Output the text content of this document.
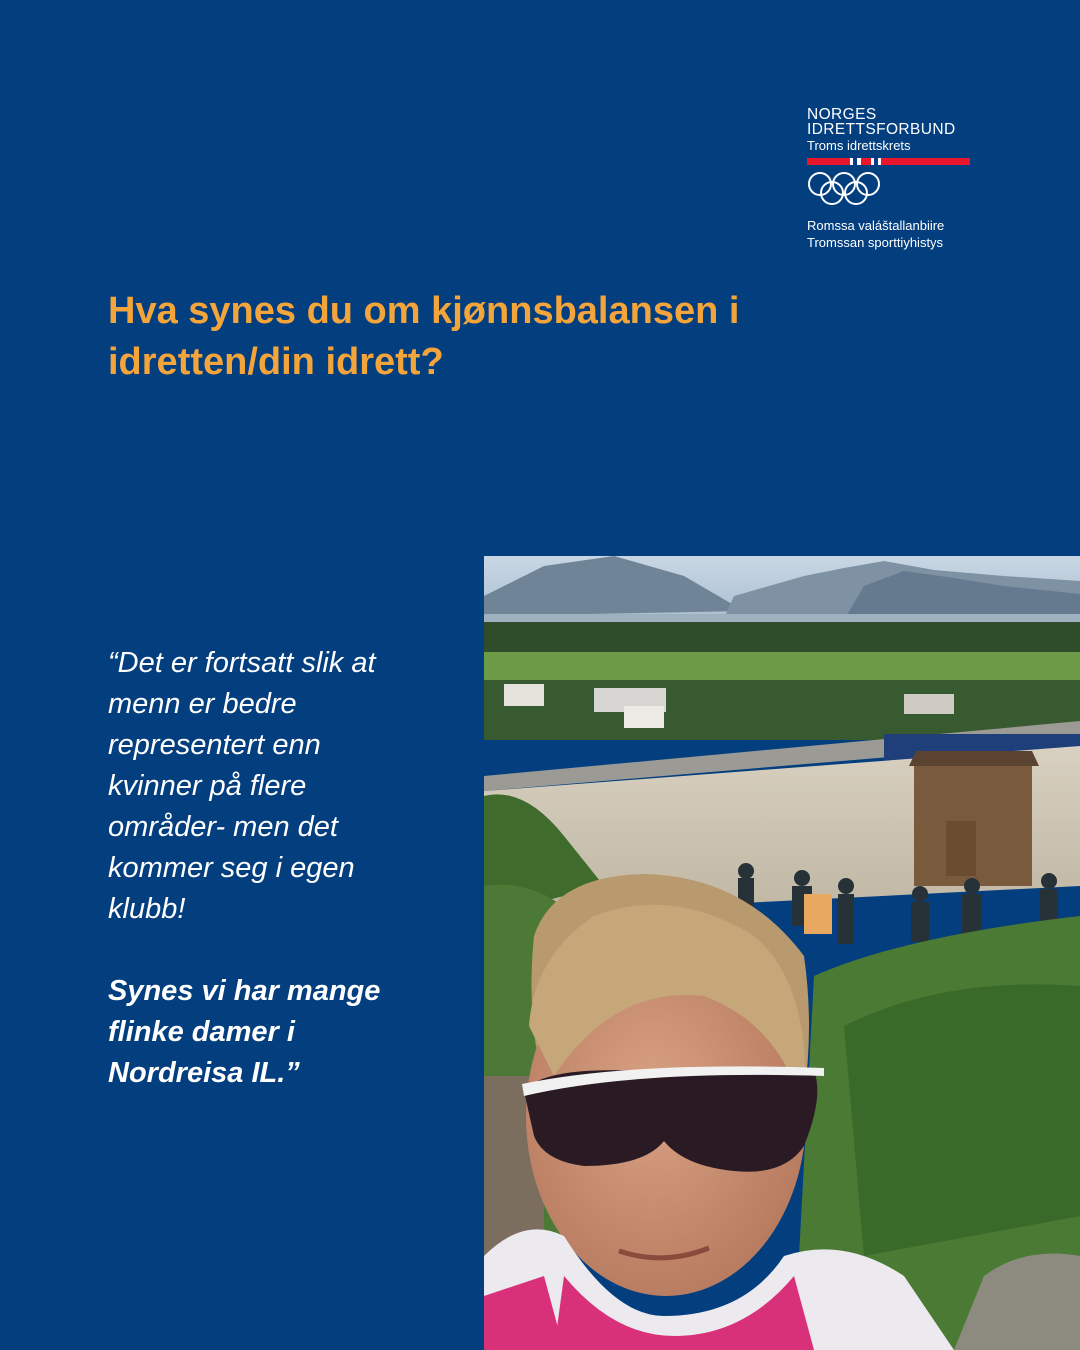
NORGES
IDRETTSFORBUND
Troms idrettskrets
Romssa valáštallanbiire
Tromssan sporttiyhistys
Hva synes du om kjønnsbalansen i idretten/din idrett?

“Det er fortsatt slik at menn er bedre representert enn kvinner på flere områder- men det kommer seg i egen klubb!

Synes vi har mange flinke damer i Nordreisa IL.”
